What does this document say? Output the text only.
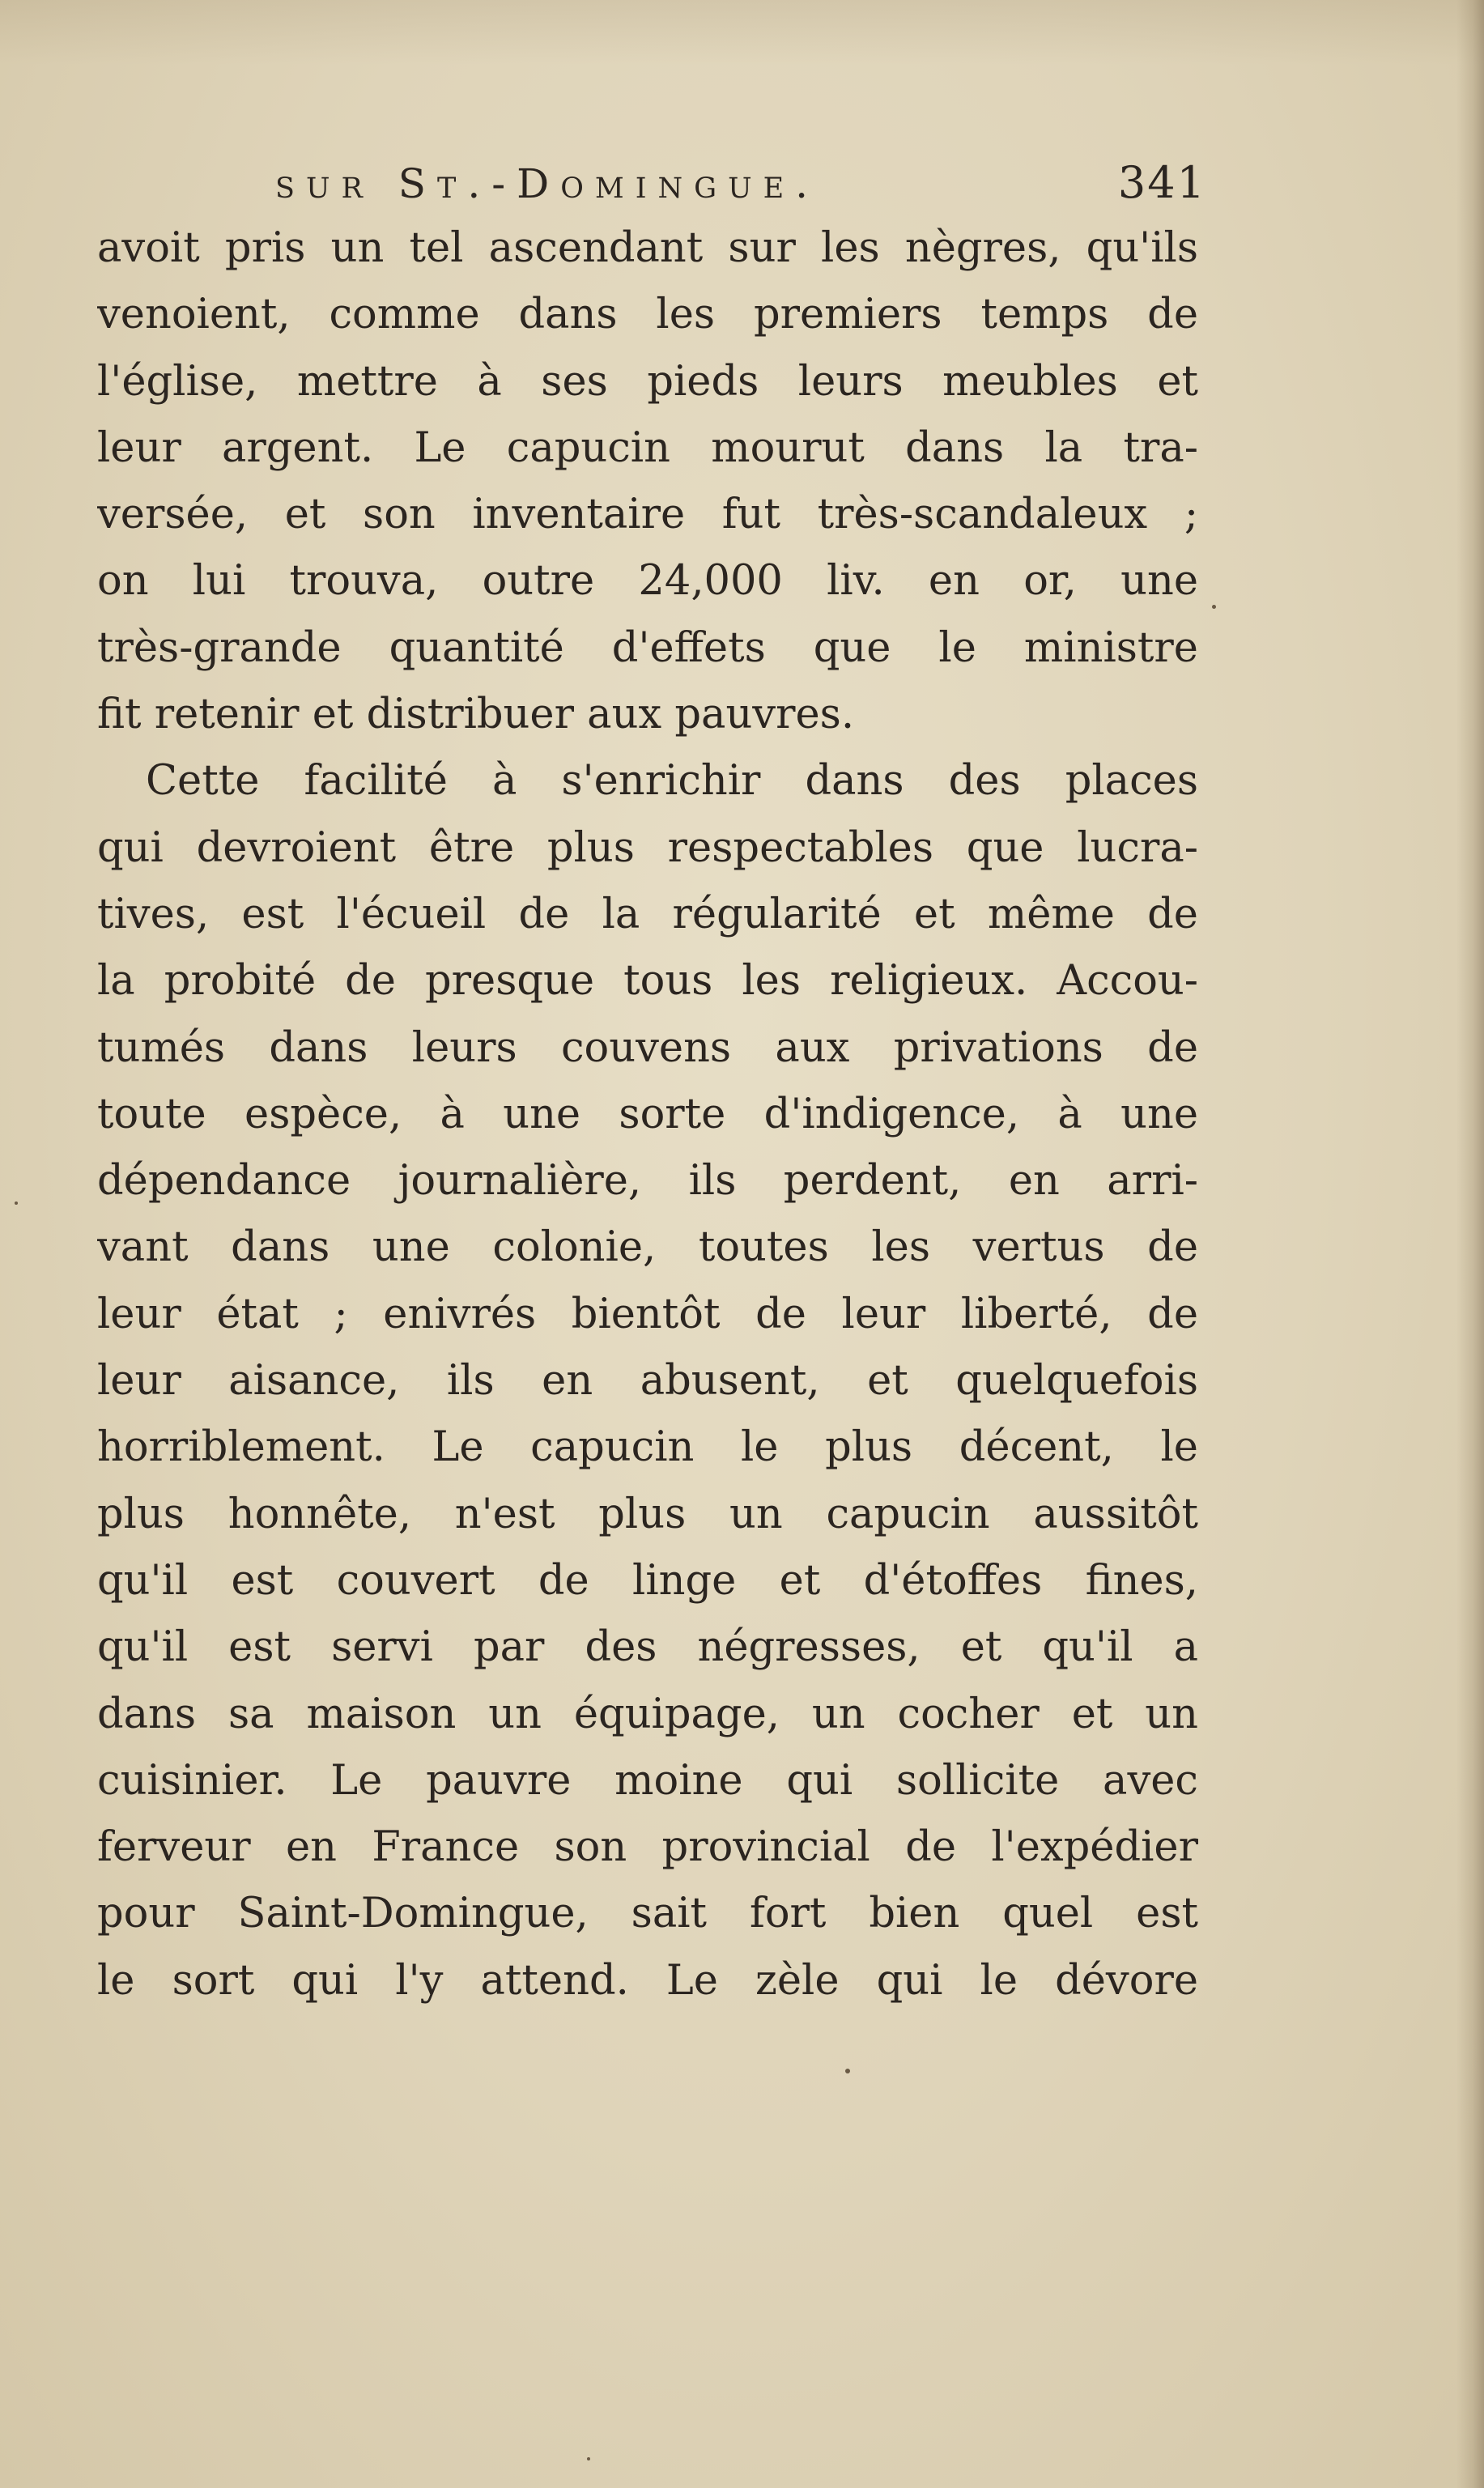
sur St.-Domingue.	341
avoit pris un tel ascendant sur les nègres, qu'ils
venoient, comme dans les premiers temps de
l'église, mettre à ses pieds leurs meubles et
leur argent. Le capucin mourut dans la tra-
versée, et son inventaire fut très-scandaleux ;
on lui trouva, outre 24,000 liv. en or, une
très-grande quantité d'effets que le ministre
fit retenir et distribuer aux pauvres.
Cette facilité à s'enrichir dans des places
qui devroient être plus respectables que lucra-
tives, est l'écueil de la régularité et même de
la probité de presque tous les religieux. Accou-
tumés dans leurs couvens aux privations de
toute espèce, à une sorte d'indigence, à une
dépendance journalière, ils perdent, en arri-
vant dans une colonie, toutes les vertus de
leur état ; enivrés bientôt de leur liberté, de
leur aisance, ils en abusent, et quelquefois
horriblement. Le capucin le plus décent, le
plus honnête, n'est plus un capucin aussitôt
qu'il est couvert de linge et d'étoffes fines,
qu'il est servi par des négresses, et qu'il a
dans sa maison un équipage, un cocher et un
cuisinier. Le pauvre moine qui sollicite avec
ferveur en France son provincial de l'expédier
pour Saint-Domingue, sait fort bien quel est
le sort qui l'y attend. Le zèle qui le dévore
